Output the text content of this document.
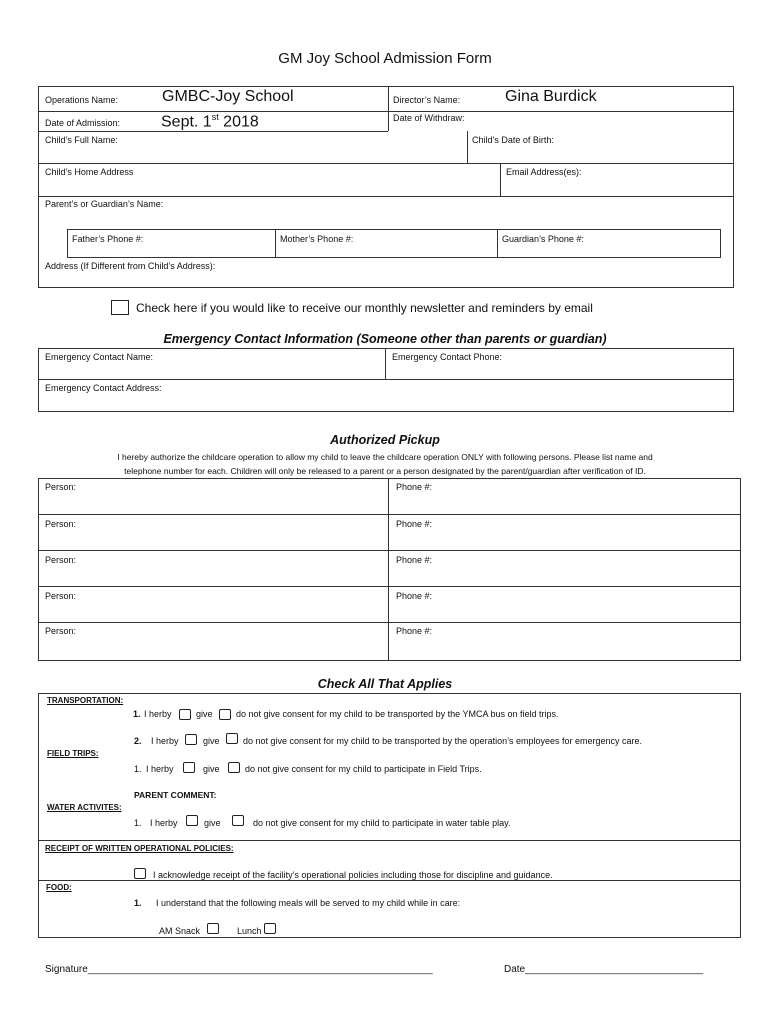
GM Joy School Admission Form
Operations Name:	GMBC-Joy School	Director’s Name:	Gina Burdick
Date of Admission:	Sept. 1st 2018	Date of Withdraw:
Child’s Full Name:	Child’s Date of Birth:
Child’s Home Address	Email Address(es):
Parent’s or Guardian’s Name:
Father’s Phone #:	Mother’s Phone #:	Guardian’s Phone #:
Address (If Different from Child’s Address):
Check here if you would like to receive our monthly newsletter and reminders by email
Emergency Contact Information (Someone other than parents or guardian)
Emergency Contact Name:	Emergency Contact Phone:
Emergency Contact Address:
Authorized Pickup
I hereby authorize the childcare operation to allow my child to leave the childcare operation ONLY with following persons. Please list name and
telephone number for each. Children will only be released to a parent or a person designated by the parent/guardian after verification of ID.
Person:	Phone #:
Person:	Phone #:
Person:	Phone #:
Person:	Phone #:
Person:	Phone #:
Check All That Applies
TRANSPORTATION:
1. I herby	give	do not give consent for my child to be transported by the YMCA bus on field trips.
2. I herby	give	do not give consent for my child to be transported by the operation’s employees for emergency care.
FIELD TRIPS:
1. I herby	give	do not give consent for my child to participate in Field Trips.
PARENT COMMENT:
WATER ACTIVITES:
1. I herby	give	do not give consent for my child to participate in water table play.
RECEIPT OF WRITTEN OPERATIONAL POLICIES:
I acknowledge receipt of the facility’s operational policies including those for discipline and guidance.
FOOD:
1. I understand that the following meals will be served to my child while in care:
AM Snack	Lunch
Signature______________________________________________________________	Date________________________________
